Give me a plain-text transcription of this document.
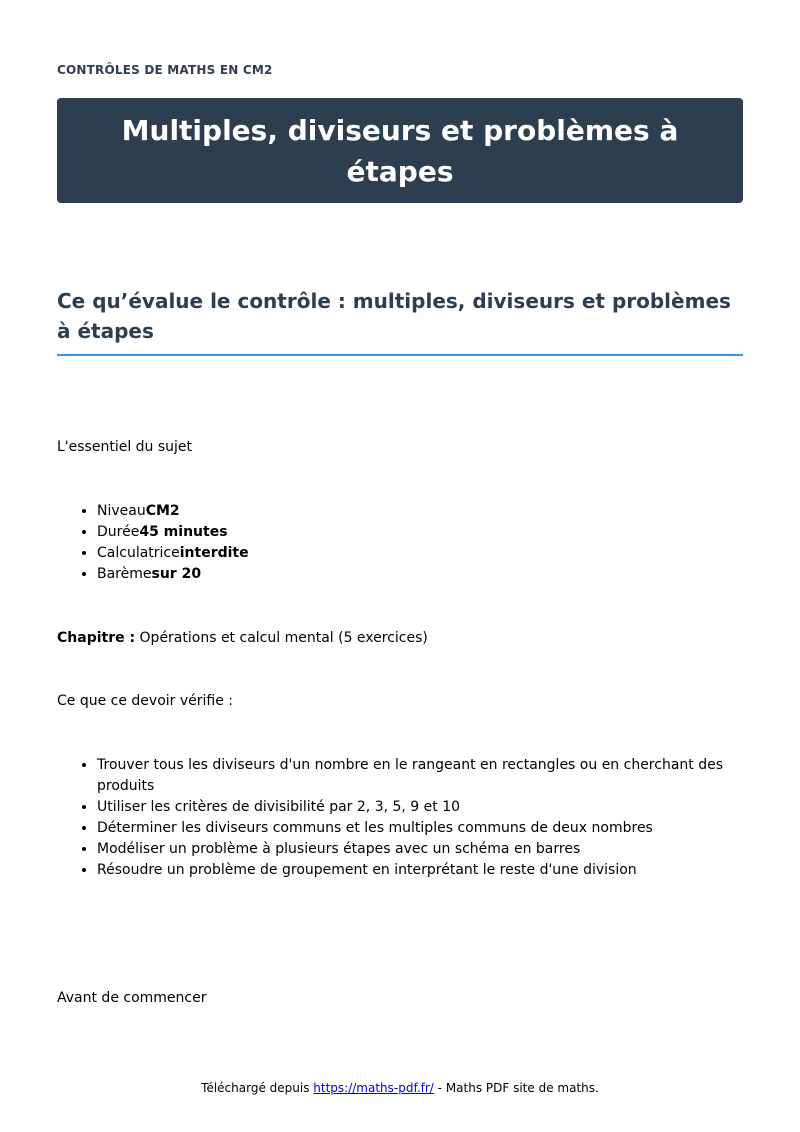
CONTRÔLES DE MATHS EN CM2
Multiples, diviseurs et problèmes à étapes
Ce qu’évalue le contrôle : multiples, diviseurs et problèmes à étapes

L'essentiel du sujet

• NiveauCM2
• Durée45 minutes
• Calculatriceinterdite
• Barèmesur 20

Chapitre : Opérations et calcul mental (5 exercices)

Ce que ce devoir vérifie :

• Trouver tous les diviseurs d'un nombre en le rangeant en rectangles ou en cherchant des produits
• Utiliser les critères de divisibilité par 2, 3, 5, 9 et 10
• Déterminer les diviseurs communs et les multiples communs de deux nombres
• Modéliser un problème à plusieurs étapes avec un schéma en barres
• Résoudre un problème de groupement en interprétant le reste d'une division

Avant de commencer

Téléchargé depuis https://maths-pdf.fr/ - Maths PDF site de maths.
